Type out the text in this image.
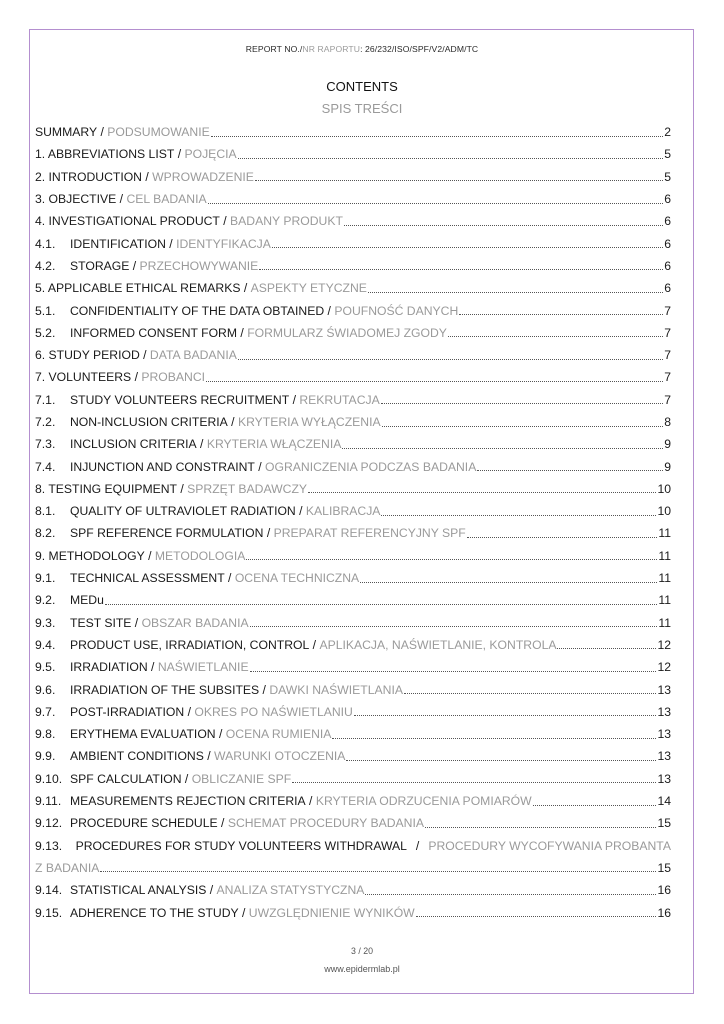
REPORT NO./NR RAPORTU: 26/232/ISO/SPF/V2/ADM/TC
CONTENTS
SPIS TREŚCI
SUMMARY / PODSUMOWANIE	2
1. ABBREVIATIONS LIST / POJĘCIA	5
2. INTRODUCTION / WPROWADZENIE	5
3. OBJECTIVE / CEL BADANIA	6
4. INVESTIGATIONAL PRODUCT / BADANY PRODUKT	6
4.1.	IDENTIFICATION / IDENTYFIKACJA	6
4.2.	STORAGE / PRZECHOWYWANIE	6
5. APPLICABLE ETHICAL REMARKS / ASPEKTY ETYCZNE	6
5.1.	CONFIDENTIALITY OF THE DATA OBTAINED / POUFNOŚĆ DANYCH	7
5.2.	INFORMED CONSENT FORM / FORMULARZ ŚWIADOMEJ ZGODY	7
6. STUDY PERIOD / DATA BADANIA	7
7. VOLUNTEERS / PROBANCI	7
7.1.	STUDY VOLUNTEERS RECRUITMENT / REKRUTACJA	7
7.2.	NON-INCLUSION CRITERIA / KRYTERIA WYŁĄCZENIA	8
7.3.	INCLUSION CRITERIA / KRYTERIA WŁĄCZENIA	9
7.4.	INJUNCTION AND CONSTRAINT / OGRANICZENIA PODCZAS BADANIA	9
8. TESTING EQUIPMENT / SPRZĘT BADAWCZY	10
8.1.	QUALITY OF ULTRAVIOLET RADIATION / KALIBRACJA	10
8.2.	SPF REFERENCE FORMULATION / PREPARAT REFERENCYJNY SPF	11
9. METHODOLOGY / METODOLOGIA	11
9.1.	TECHNICAL ASSESSMENT / OCENA TECHNICZNA	11
9.2.	MEDu	11
9.3.	TEST SITE / OBSZAR BADANIA	11
9.4.	PRODUCT USE, IRRADIATION, CONTROL / APLIKACJA, NAŚWIETLANIE, KONTROLA	12
9.5.	IRRADIATION / NAŚWIETLANIE	12
9.6.	IRRADIATION OF THE SUBSITES / DAWKI NAŚWIETLANIA	13
9.7.	POST-IRRADIATION / OKRES PO NAŚWIETLANIU	13
9.8.	ERYTHEMA EVALUATION / OCENA RUMIENIA	13
9.9.	AMBIENT CONDITIONS / WARUNKI OTOCZENIA	13
9.10. SPF CALCULATION / OBLICZANIE SPF	13
9.11. MEASUREMENTS REJECTION CRITERIA / KRYTERIA ODRZUCENIA POMIARÓW	14
9.12. PROCEDURE SCHEDULE / SCHEMAT PROCEDURY BADANIA	15
9.13.	PROCEDURES FOR STUDY VOLUNTEERS WITHDRAWAL / PROCEDURY WYCOFYWANIA PROBANTA
Z BADANIA	15
9.14. STATISTICAL ANALYSIS / ANALIZA STATYSTYCZNA	16
9.15. ADHERENCE TO THE STUDY / UWZGLĘDNIENIE WYNIKÓW	16
3 / 20
www.epidermlab.pl
